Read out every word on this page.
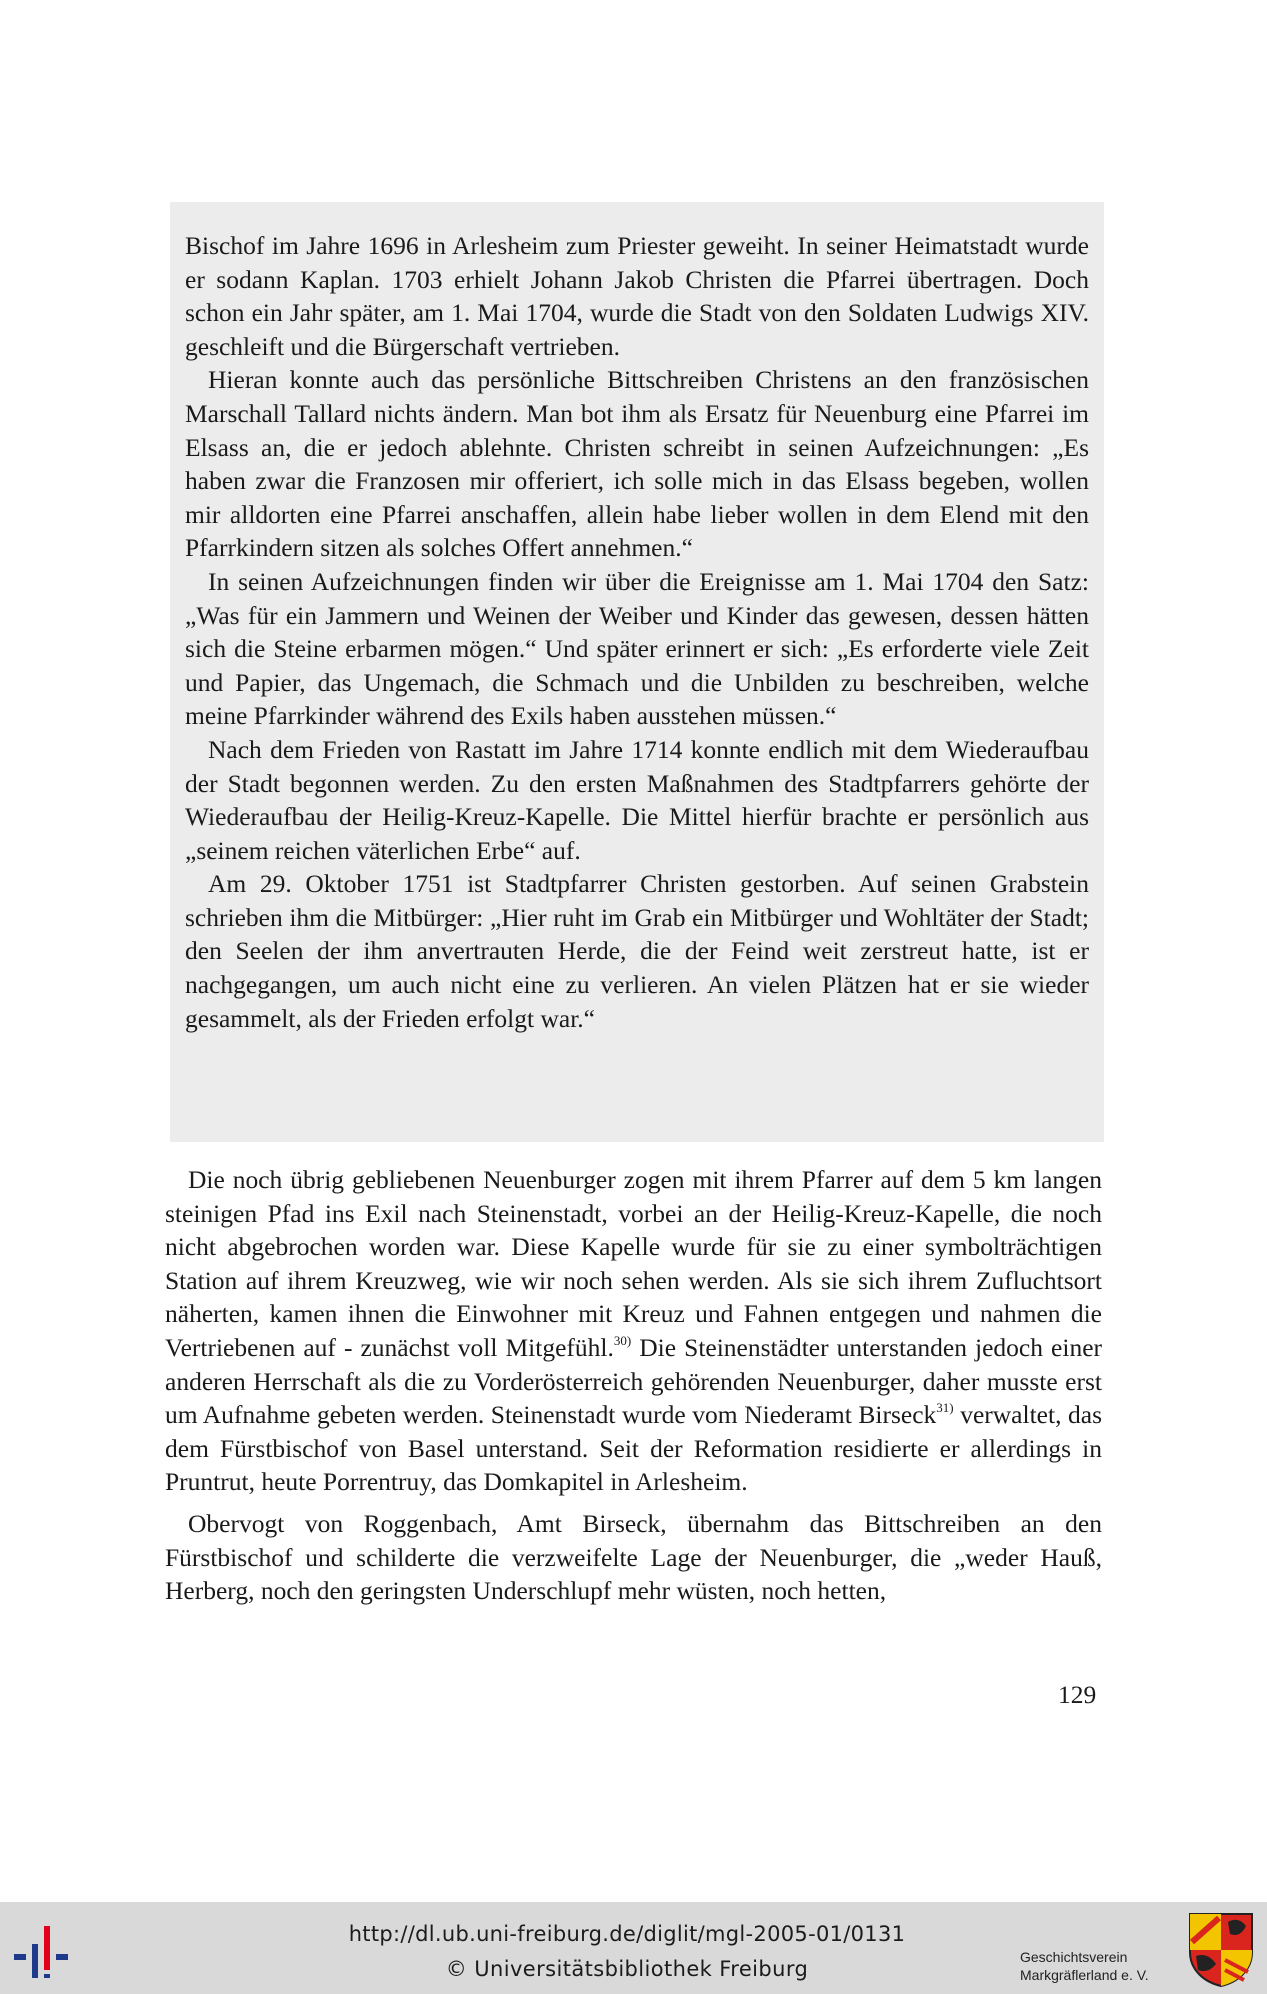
Bischof im Jahre 1696 in Arlesheim zum Priester geweiht. In seiner Heimatstadt wurde er sodann Kaplan. 1703 erhielt Johann Jakob Christen die Pfarrei übertragen. Doch schon ein Jahr später, am 1. Mai 1704, wurde die Stadt von den Soldaten Ludwigs XIV. geschleift und die Bürgerschaft vertrieben.

Hieran konnte auch das persönliche Bittschreiben Christens an den französischen Marschall Tallard nichts ändern. Man bot ihm als Ersatz für Neuenburg eine Pfarrei im Elsass an, die er jedoch ablehnte. Christen schreibt in seinen Aufzeichnungen: „Es haben zwar die Franzosen mir offeriert, ich solle mich in das Elsass begeben, wollen mir alldorten eine Pfarrei anschaffen, allein habe lieber wollen in dem Elend mit den Pfarrkindern sitzen als solches Offert annehmen.“

In seinen Aufzeichnungen finden wir über die Ereignisse am 1. Mai 1704 den Satz: „Was für ein Jammern und Weinen der Weiber und Kinder das gewesen, dessen hätten sich die Steine erbarmen mögen.“ Und später erinnert er sich: „Es erforderte viele Zeit und Papier, das Ungemach, die Schmach und die Unbilden zu beschreiben, welche meine Pfarrkinder während des Exils haben ausstehen müssen.“

Nach dem Frieden von Rastatt im Jahre 1714 konnte endlich mit dem Wiederaufbau der Stadt begonnen werden. Zu den ersten Maßnahmen des Stadtpfarrers gehörte der Wiederaufbau der Heilig-Kreuz-Kapelle. Die Mittel hierfür brachte er persönlich aus „seinem reichen väterlichen Erbe“ auf.

Am 29. Oktober 1751 ist Stadtpfarrer Christen gestorben. Auf seinen Grabstein schrieben ihm die Mitbürger: „Hier ruht im Grab ein Mitbürger und Wohltäter der Stadt; den Seelen der ihm anvertrauten Herde, die der Feind weit zerstreut hatte, ist er nachgegangen, um auch nicht eine zu verlieren. An vielen Plätzen hat er sie wieder gesammelt, als der Frieden erfolgt war.“

Die noch übrig gebliebenen Neuenburger zogen mit ihrem Pfarrer auf dem 5 km langen steinigen Pfad ins Exil nach Steinenstadt, vorbei an der Heilig-Kreuz-Kapelle, die noch nicht abgebrochen worden war. Diese Kapelle wurde für sie zu einer symbolträchtigen Station auf ihrem Kreuzweg, wie wir noch sehen werden. Als sie sich ihrem Zufluchtsort näherten, kamen ihnen die Einwohner mit Kreuz und Fahnen entgegen und nahmen die Vertriebenen auf - zunächst voll Mitgefühl.$^{30)}$ Die Steinenstädter unterstanden jedoch einer anderen Herrschaft als die zu Vorderösterreich gehörenden Neuenburger, daher musste erst um Aufnahme gebeten werden. Steinenstadt wurde vom Niederamt Birseck$^{31)}$ verwaltet, das dem Fürstbischof von Basel unterstand. Seit der Reformation residierte er allerdings in Pruntrut, heute Porrentruy, das Domkapitel in Arlesheim.

Obervogt von Roggenbach, Amt Birseck, übernahm das Bittschreiben an den Fürstbischof und schilderte die verzweifelte Lage der Neuenburger, die „weder Hauß, Herberg, noch den geringsten Underschlupf mehr wüsten, noch hetten,

129
http://dl.ub.uni-freiburg.de/diglit/mgl-2005-01/0131
© Universitätsbibliothek Freiburg	Geschichtsverein
Markgräflerland e. V.
